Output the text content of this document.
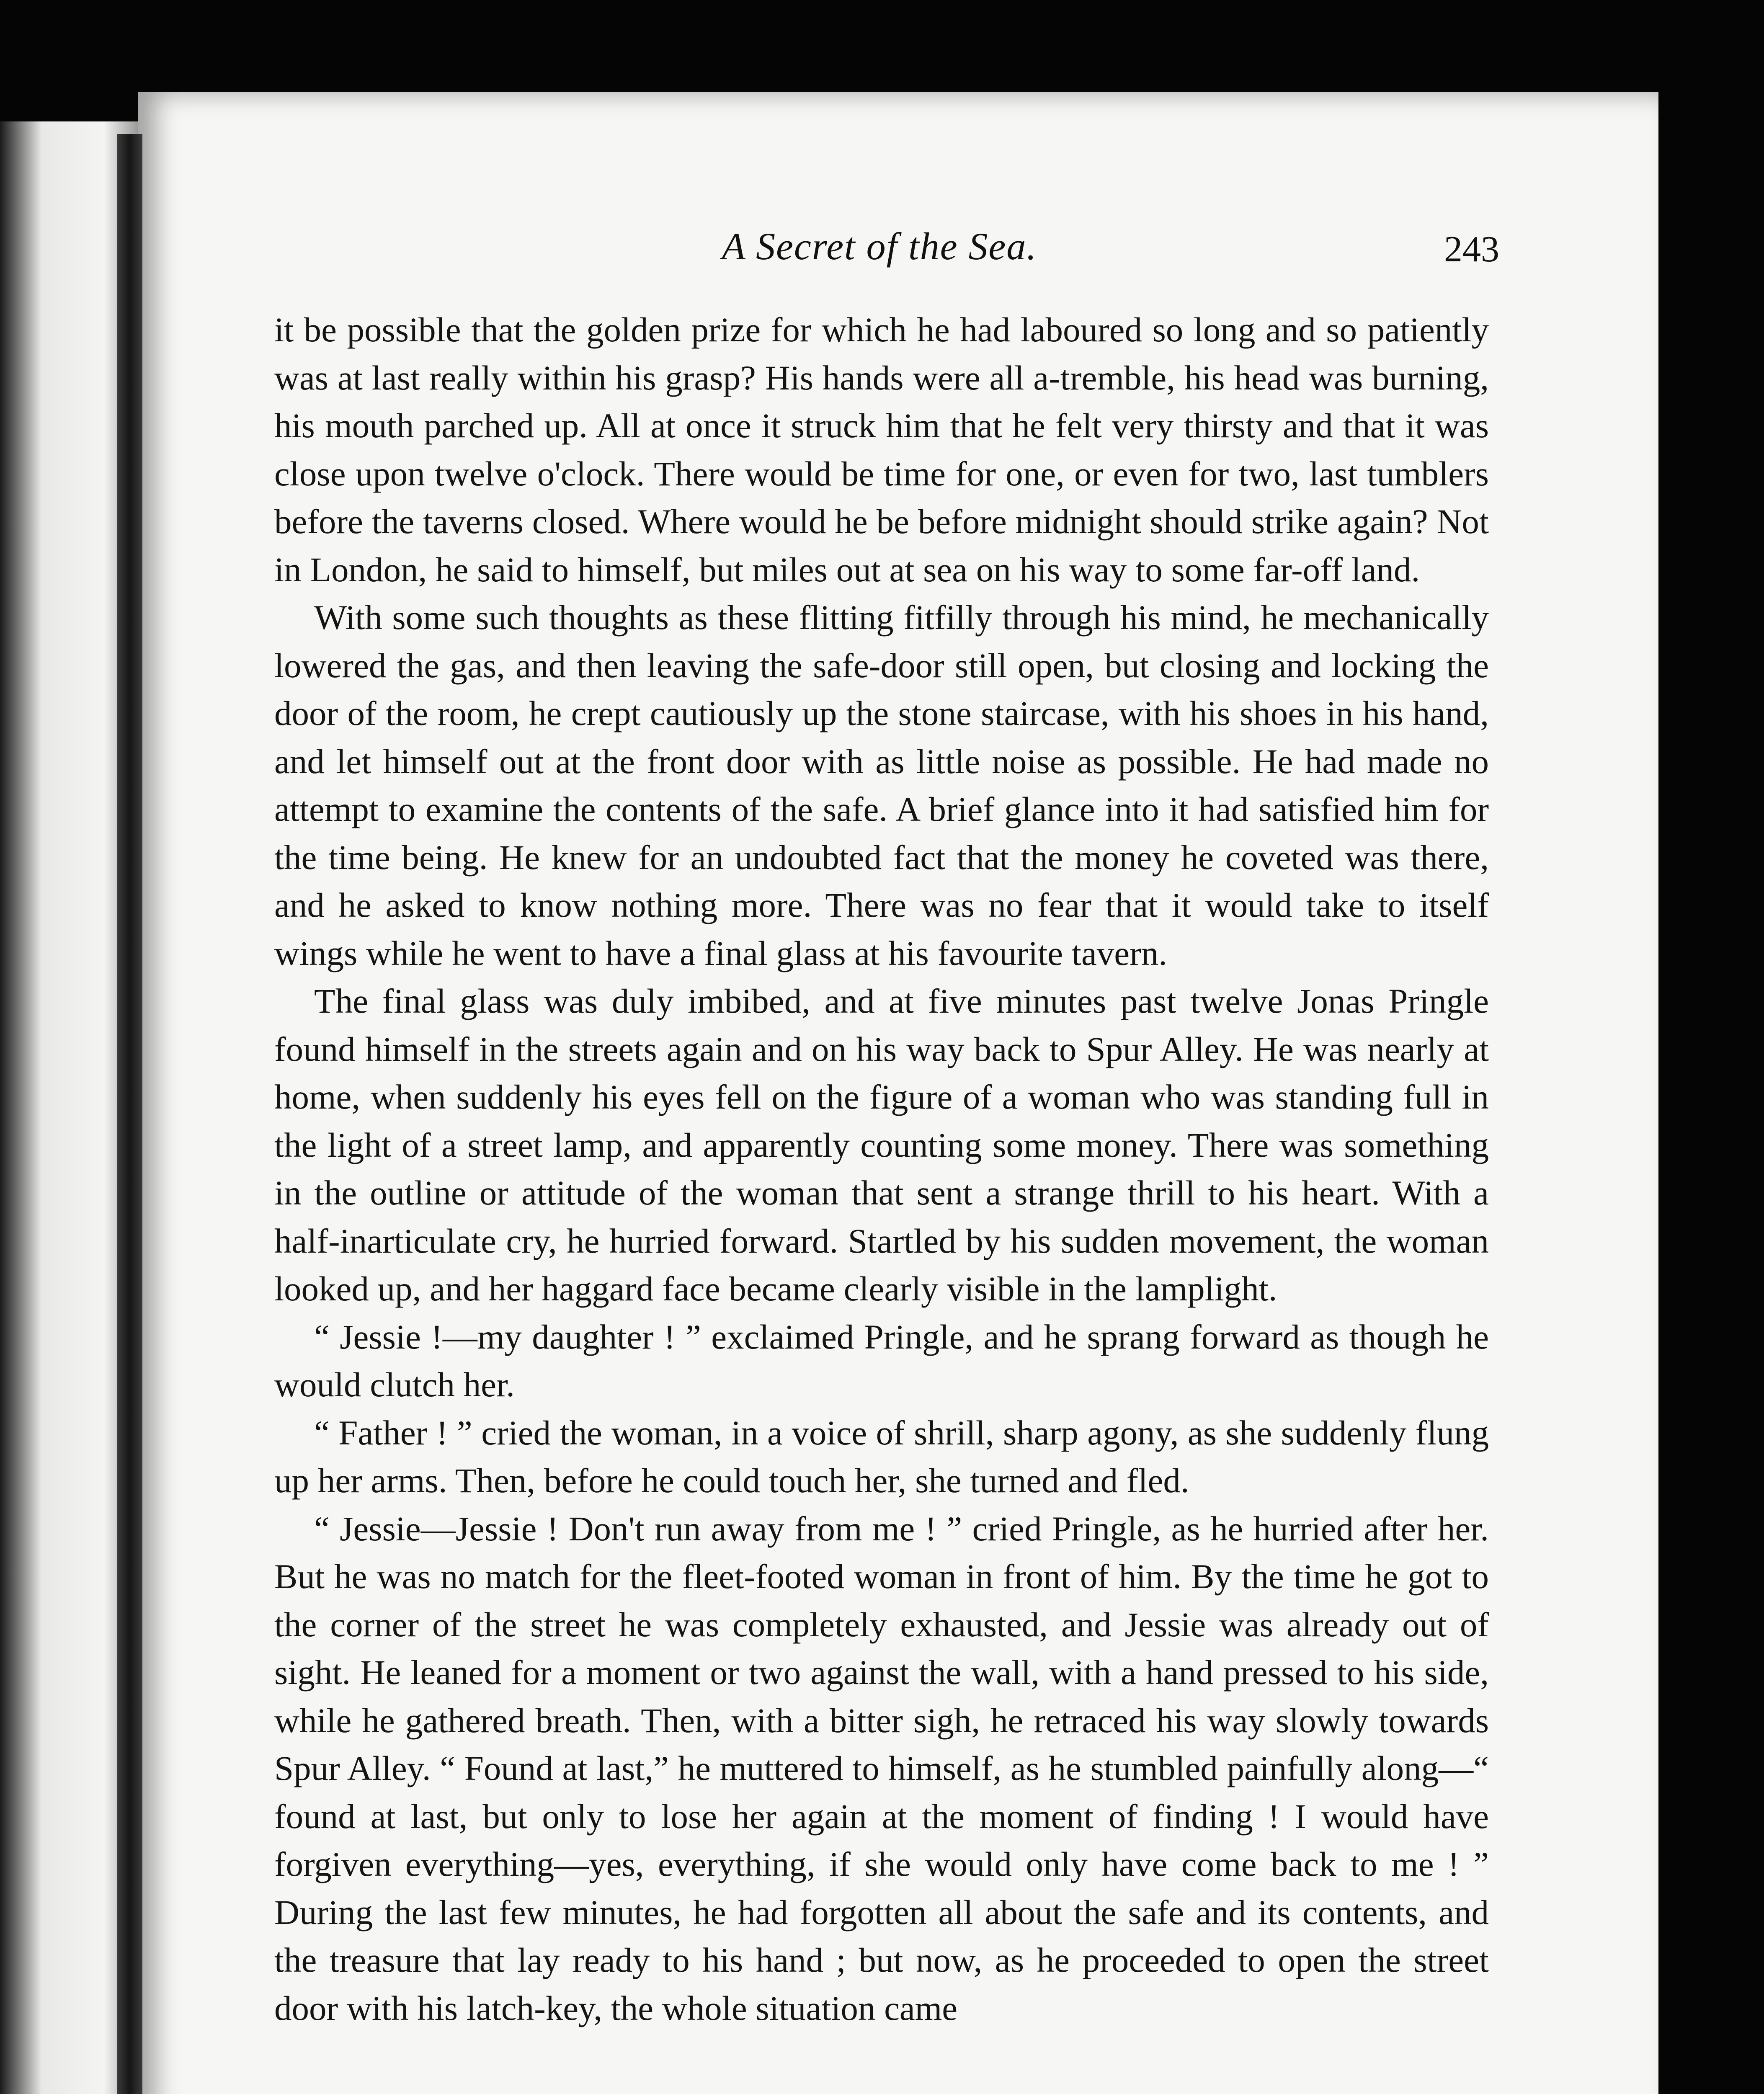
A Secret of the Sea.	243

it be possible that the golden prize for which he had laboured so long and so patiently was at last really within his grasp? His hands were all a-tremble, his head was burning, his mouth parched up. All at once it struck him that he felt very thirsty and that it was close upon twelve o'clock. There would be time for one, or even for two, last tumblers before the taverns closed. Where would he be before midnight should strike again? Not in London, he said to himself, but miles out at sea on his way to some far-off land.

With some such thoughts as these flitting fitfilly through his mind, he mechanically lowered the gas, and then leaving the safe-door still open, but closing and locking the door of the room, he crept cautiously up the stone staircase, with his shoes in his hand, and let himself out at the front door with as little noise as possible. He had made no attempt to examine the contents of the safe. A brief glance into it had satisfied him for the time being. He knew for an undoubted fact that the money he coveted was there, and he asked to know nothing more. There was no fear that it would take to itself wings while he went to have a final glass at his favourite tavern.

The final glass was duly imbibed, and at five minutes past twelve Jonas Pringle found himself in the streets again and on his way back to Spur Alley. He was nearly at home, when suddenly his eyes fell on the figure of a woman who was standing full in the light of a street lamp, and apparently counting some money. There was something in the outline or attitude of the woman that sent a strange thrill to his heart. With a half-inarticulate cry, he hurried forward. Startled by his sudden movement, the woman looked up, and her haggard face became clearly visible in the lamplight.

“ Jessie !—my daughter ! ” exclaimed Pringle, and he sprang forward as though he would clutch her.

“ Father ! ” cried the woman, in a voice of shrill, sharp agony, as she suddenly flung up her arms. Then, before he could touch her, she turned and fled.

“ Jessie—Jessie ! Don't run away from me ! ” cried Pringle, as he hurried after her. But he was no match for the fleet-footed woman in front of him. By the time he got to the corner of the street he was completely exhausted, and Jessie was already out of sight. He leaned for a moment or two against the wall, with a hand pressed to his side, while he gathered breath. Then, with a bitter sigh, he retraced his way slowly towards Spur Alley. “ Found at last,” he muttered to himself, as he stumbled painfully along—“ found at last, but only to lose her again at the moment of finding ! I would have forgiven everything—yes, everything, if she would only have come back to me ! ” During the last few minutes, he had forgotten all about the safe and its contents, and the treasure that lay ready to his hand ; but now, as he proceeded to open the street door with his latch-key, the whole situation came
